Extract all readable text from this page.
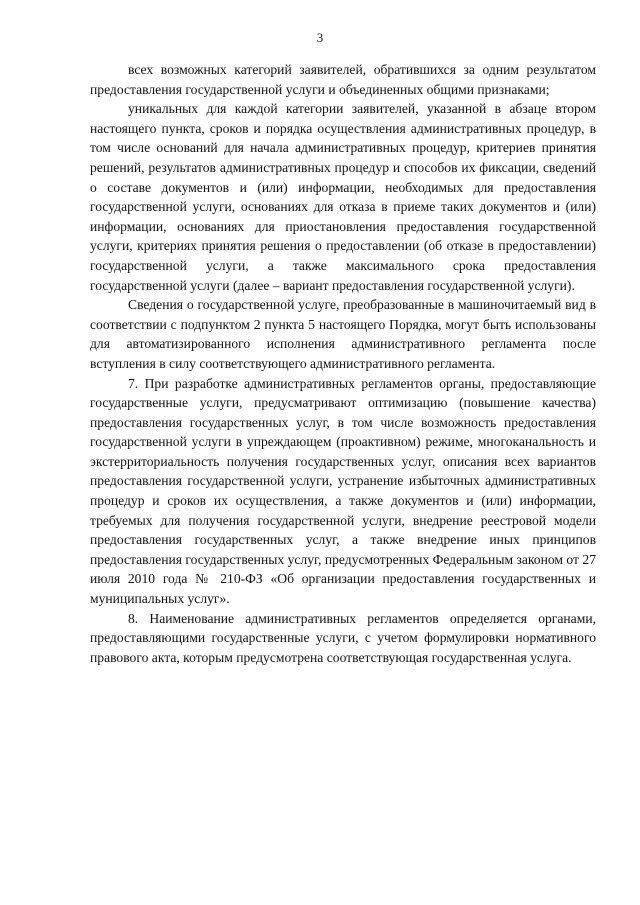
3

всех возможных категорий заявителей, обратившихся за одним результатом предоставления государственной услуги и объединенных общими признаками;

уникальных для каждой категории заявителей, указанной в абзаце втором настоящего пункта, сроков и порядка осуществления административных процедур, в том числе оснований для начала административных процедур, критериев принятия решений, результатов административных процедур и способов их фиксации, сведений о составе документов и (или) информации, необходимых для предоставления государственной услуги, основаниях для отказа в приеме таких документов и (или) информации, основаниях для приостановления предоставления государственной услуги, критериях принятия решения о предоставлении (об отказе в предоставлении) государственной услуги, а также максимального срока предоставления государственной услуги (далее – вариант предоставления государственной услуги).

Сведения о государственной услуге, преобразованные в машиночитаемый вид в соответствии с подпунктом 2 пункта 5 настоящего Порядка, могут быть использованы для автоматизированного исполнения административного регламента после вступления в силу соответствующего административного регламента.

7. При разработке административных регламентов органы, предоставляющие государственные услуги, предусматривают оптимизацию (повышение качества) предоставления государственных услуг, в том числе возможность предоставления государственной услуги в упреждающем (проактивном) режиме, многоканальность и экстерриториальность получения государственных услуг, описания всех вариантов предоставления государственной услуги, устранение избыточных административных процедур и сроков их осуществления, а также документов и (или) информации, требуемых для получения государственной услуги, внедрение реестровой модели предоставления государственных услуг, а также внедрение иных принципов предоставления государственных услуг, предусмотренных Федеральным законом от 27 июля 2010 года № 210-ФЗ «Об организации предоставления государственных и муниципальных услуг».

8. Наименование административных регламентов определяется органами, предоставляющими государственные услуги, с учетом формулировки нормативного правового акта, которым предусмотрена соответствующая государственная услуга.
